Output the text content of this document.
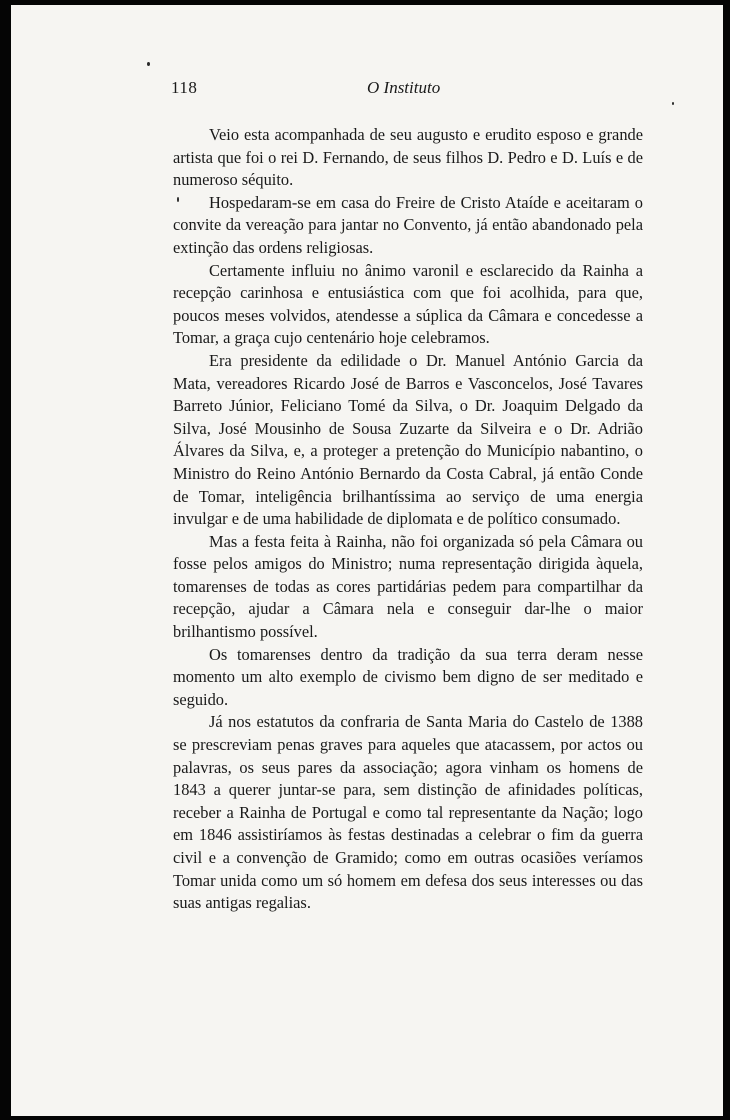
118	O Instituto

Veio esta acompanhada de seu augusto e erudito esposo e grande artista que foi o rei D. Fernando, de seus filhos D. Pedro e D. Luís e de numeroso séquito.

Hospedaram-se em casa do Freire de Cristo Ataíde e aceitaram o convite da vereação para jantar no Convento, já então abandonado pela extinção das ordens religiosas.

Certamente influiu no ânimo varonil e esclarecido da Rainha a recepção carinhosa e entusiástica com que foi acolhida, para que, poucos meses volvidos, atendesse a súplica da Câmara e concedesse a Tomar, a graça cujo centenário hoje celebramos.

Era presidente da edilidade o Dr. Manuel António Garcia da Mata, vereadores Ricardo José de Barros e Vasconcelos, José Tavares Barreto Júnior, Feliciano Tomé da Silva, o Dr. Joaquim Delgado da Silva, José Mousinho de Sousa Zuzarte da Silveira e o Dr. Adrião Álvares da Silva, e, a proteger a pretenção do Município nabantino, o Ministro do Reino António Bernardo da Costa Cabral, já então Conde de Tomar, inteligência brilhantíssima ao serviço de uma energia invulgar e de uma habilidade de diplomata e de político consumado.

Mas a festa feita à Rainha, não foi organizada só pela Câmara ou fosse pelos amigos do Ministro; numa representação dirigida àquela, tomarenses de todas as cores partidárias pedem para compartilhar da recepção, ajudar a Câmara nela e conseguir dar-lhe o maior brilhantismo possível.

Os tomarenses dentro da tradição da sua terra deram nesse momento um alto exemplo de civismo bem digno de ser meditado e seguido.

Já nos estatutos da confraria de Santa Maria do Castelo de 1388 se prescreviam penas graves para aqueles que atacassem, por actos ou palavras, os seus pares da associação; agora vinham os homens de 1843 a querer juntar-se para, sem distinção de afinidades políticas, receber a Rainha de Portugal e como tal representante da Nação; logo em 1846 assistiríamos às festas destinadas a celebrar o fim da guerra civil e a convenção de Gramido; como em outras ocasiões veríamos Tomar unida como um só homem em defesa dos seus interesses ou das suas antigas regalias.
